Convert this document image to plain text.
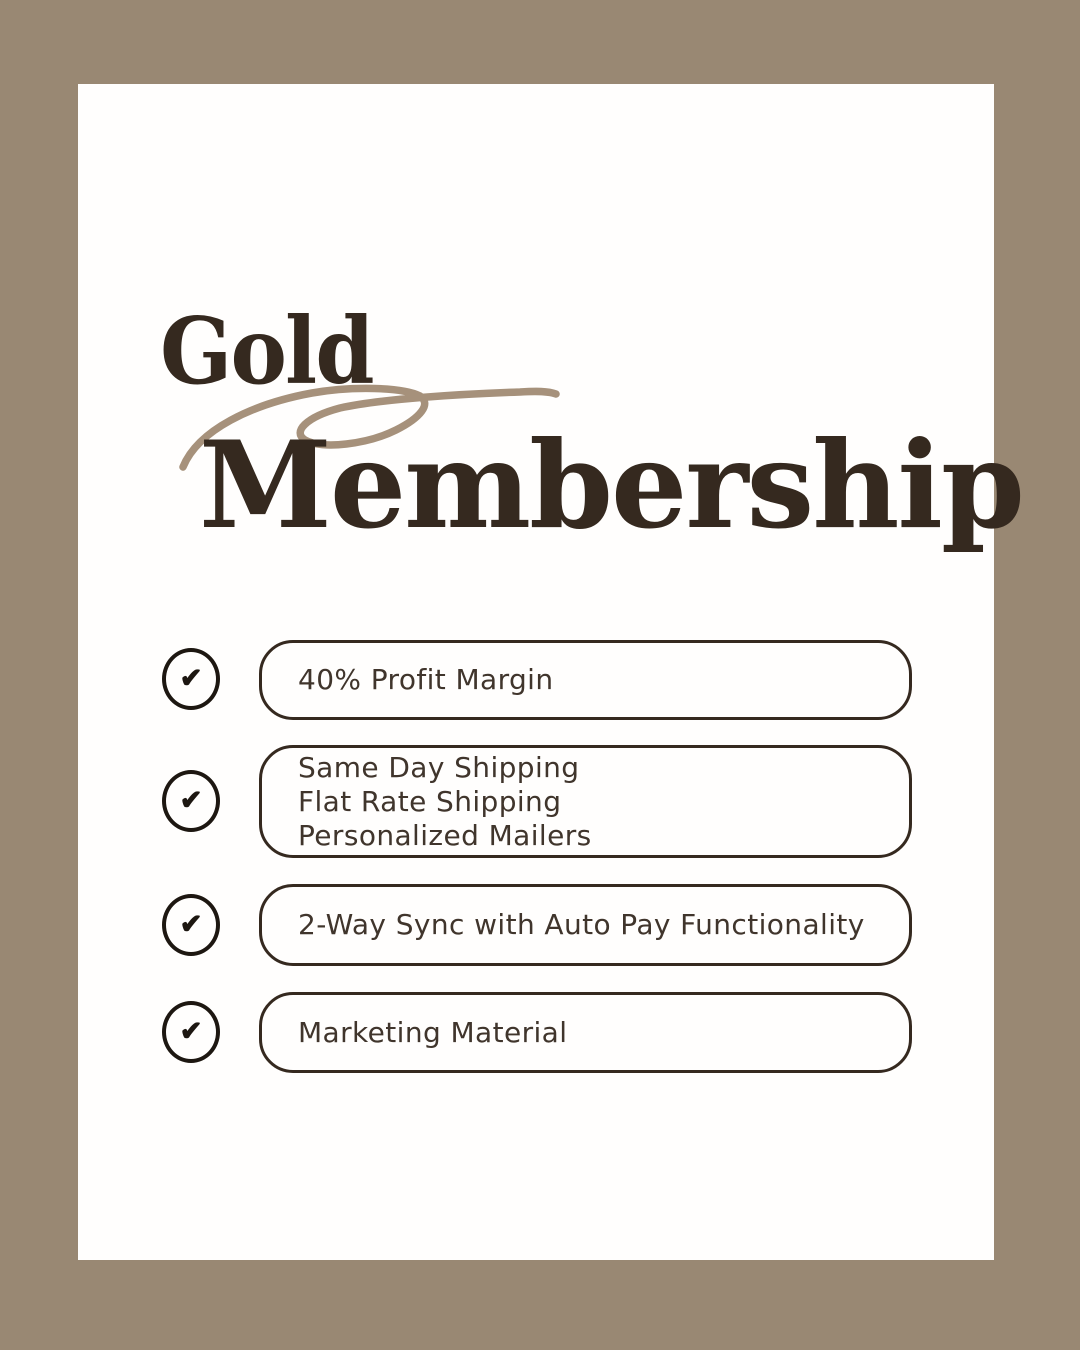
Gold
Membership
✔	40% Profit Margin
✔
Same Day Shipping
Flat Rate Shipping
Personalized Mailers
✔	2-Way Sync with Auto Pay Functionality
✔	Marketing Material
